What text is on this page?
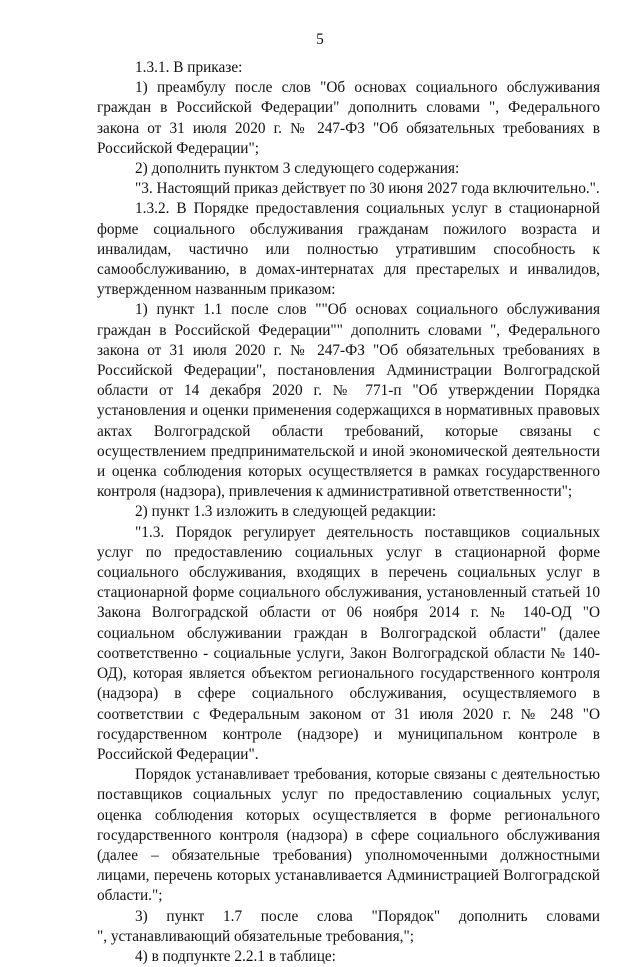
5

1.3.1. В приказе:

1) преамбулу после слов "Об основах социального обслуживания граждан в Российской Федерации" дополнить словами ", Федерального закона от 31 июля 2020 г. № 247-ФЗ "Об обязательных требованиях в Российской Федерации";

2) дополнить пунктом 3 следующего содержания:

"3. Настоящий приказ действует по 30 июня 2027 года включительно.".

1.3.2. В Порядке предоставления социальных услуг в стационарной форме социального обслуживания гражданам пожилого возраста и инвалидам, частично или полностью утратившим способность к самообслуживанию, в домах-интернатах для престарелых и инвалидов, утвержденном названным приказом:

1) пункт 1.1 после слов ""Об основах социального обслуживания граждан в Российской Федерации"" дополнить словами ", Федерального закона от 31 июля 2020 г. № 247-ФЗ "Об обязательных требованиях в Российской Федерации", постановления Администрации Волгоградской области от 14 декабря 2020 г. № 771-п "Об утверждении Порядка установления и оценки применения содержащихся в нормативных правовых актах Волгоградской области требований, которые связаны с осуществлением предпринимательской и иной экономической деятельности и оценка соблюдения которых осуществляется в рамках государственного контроля (надзора), привлечения к административной ответственности";

2) пункт 1.3 изложить в следующей редакции:

"1.3. Порядок регулирует деятельность поставщиков социальных услуг по предоставлению социальных услуг в стационарной форме социального обслуживания, входящих в перечень социальных услуг в стационарной форме социального обслуживания, установленный статьей 10 Закона Волгоградской области от 06 ноября 2014 г. № 140-ОД "О социальном обслуживании граждан в Волгоградской области" (далее соответственно - социальные услуги, Закон Волгоградской области № 140-ОД), которая является объектом регионального государственного контроля (надзора) в сфере социального обслуживания, осуществляемого в соответствии с Федеральным законом от 31 июля 2020 г. № 248 "О государственном контроле (надзоре) и муниципальном контроле в Российской Федерации".

Порядок устанавливает требования, которые связаны с деятельностью поставщиков социальных услуг по предоставлению социальных услуг, оценка соблюдения которых осуществляется в форме регионального государственного контроля (надзора) в сфере социального обслуживания (далее – обязательные требования) уполномоченными должностными лицами, перечень которых устанавливается Администрацией Волгоградской области.";

3) пункт 1.7 после слова "Порядок" дополнить словами

", устанавливающий обязательные требования,";

4) в подпункте 2.2.1 в таблице:
